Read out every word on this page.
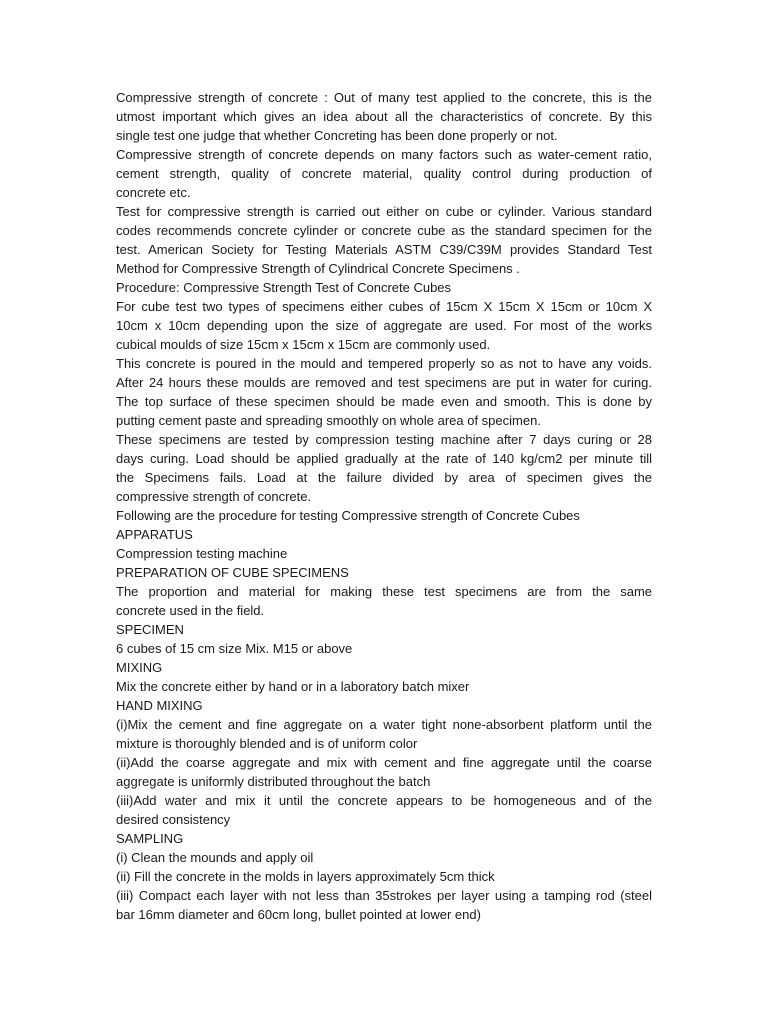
Compressive strength of concrete : Out of many test applied to the concrete, this is the
utmost important which gives an idea about all the characteristics of concrete. By this
single test one judge that whether Concreting has been done properly or not.
Compressive strength of concrete depends on many factors such as water-cement ratio,
cement strength, quality of concrete material, quality control during production of
concrete etc.
Test for compressive strength is carried out either on cube or cylinder. Various standard
codes recommends concrete cylinder or concrete cube as the standard specimen for the
test. American Society for Testing Materials ASTM C39/C39M provides Standard Test
Method for Compressive Strength of Cylindrical Concrete Specimens .
Procedure: Compressive Strength Test of Concrete Cubes
For cube test two types of specimens either cubes of 15cm X 15cm X 15cm or 10cm X
10cm x 10cm depending upon the size of aggregate are used. For most of the works
cubical moulds of size 15cm x 15cm x 15cm are commonly used.
This concrete is poured in the mould and tempered properly so as not to have any voids.
After 24 hours these moulds are removed and test specimens are put in water for curing.
The top surface of these specimen should be made even and smooth. This is done by
putting cement paste and spreading smoothly on whole area of specimen.
These specimens are tested by compression testing machine after 7 days curing or 28
days curing. Load should be applied gradually at the rate of 140 kg/cm2 per minute till
the Specimens fails. Load at the failure divided by area of specimen gives the
compressive strength of concrete.
Following are the procedure for testing Compressive strength of Concrete Cubes
APPARATUS
Compression testing machine
PREPARATION OF CUBE SPECIMENS
The proportion and material for making these test specimens are from the same
concrete used in the field.
SPECIMEN
6 cubes of 15 cm size Mix. M15 or above
MIXING
Mix the concrete either by hand or in a laboratory batch mixer
HAND MIXING
(i)Mix the cement and fine aggregate on a water tight none-absorbent platform until the
mixture is thoroughly blended and is of uniform color
(ii)Add the coarse aggregate and mix with cement and fine aggregate until the coarse
aggregate is uniformly distributed throughout the batch
(iii)Add water and mix it until the concrete appears to be homogeneous and of the
desired consistency
SAMPLING
(i) Clean the mounds and apply oil
(ii) Fill the concrete in the molds in layers approximately 5cm thick
(iii) Compact each layer with not less than 35strokes per layer using a tamping rod (steel
bar 16mm diameter and 60cm long, bullet pointed at lower end)
